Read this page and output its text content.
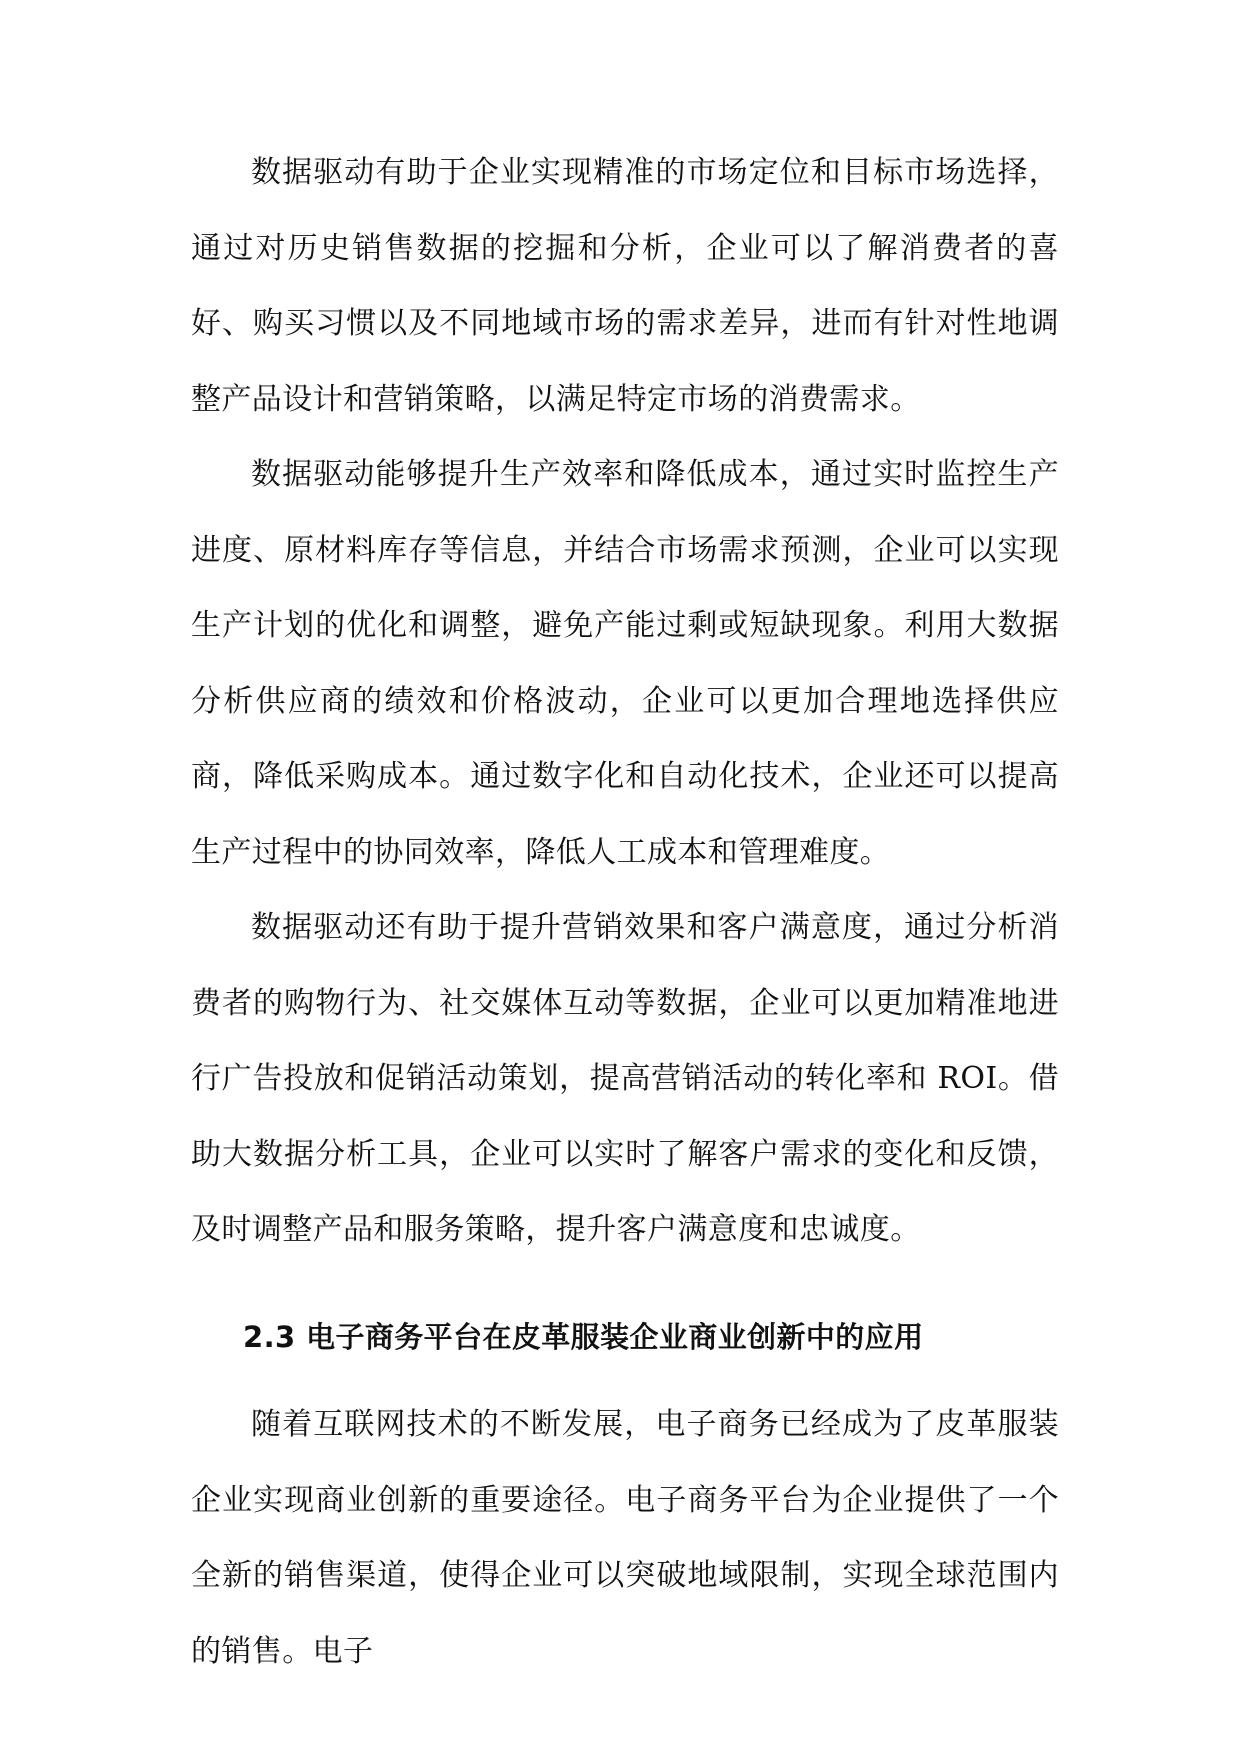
数据驱动有助于企业实现精准的市场定位和目标市场选择，通过对历史销售数据的挖掘和分析，企业可以了解消费者的喜好、购买习惯以及不同地域市场的需求差异，进而有针对性地调整产品设计和营销策略，以满足特定市场的消费需求。

数据驱动能够提升生产效率和降低成本，通过实时监控生产进度、原材料库存等信息，并结合市场需求预测，企业可以实现生产计划的优化和调整，避免产能过剩或短缺现象。利用大数据分析供应商的绩效和价格波动，企业可以更加合理地选择供应商，降低采购成本。通过数字化和自动化技术，企业还可以提高生产过程中的协同效率，降低人工成本和管理难度。

数据驱动还有助于提升营销效果和客户满意度，通过分析消费者的购物行为、社交媒体互动等数据，企业可以更加精准地进行广告投放和促销活动策划，提高营销活动的转化率和 ROI。借助大数据分析工具，企业可以实时了解客户需求的变化和反馈，及时调整产品和服务策略，提升客户满意度和忠诚度。

2.3 电子商务平台在皮革服装企业商业创新中的应用

随着互联网技术的不断发展，电子商务已经成为了皮革服装企业实现商业创新的重要途径。电子商务平台为企业提供了一个全新的销售渠道，使得企业可以突破地域限制，实现全球范围内的销售。电子
